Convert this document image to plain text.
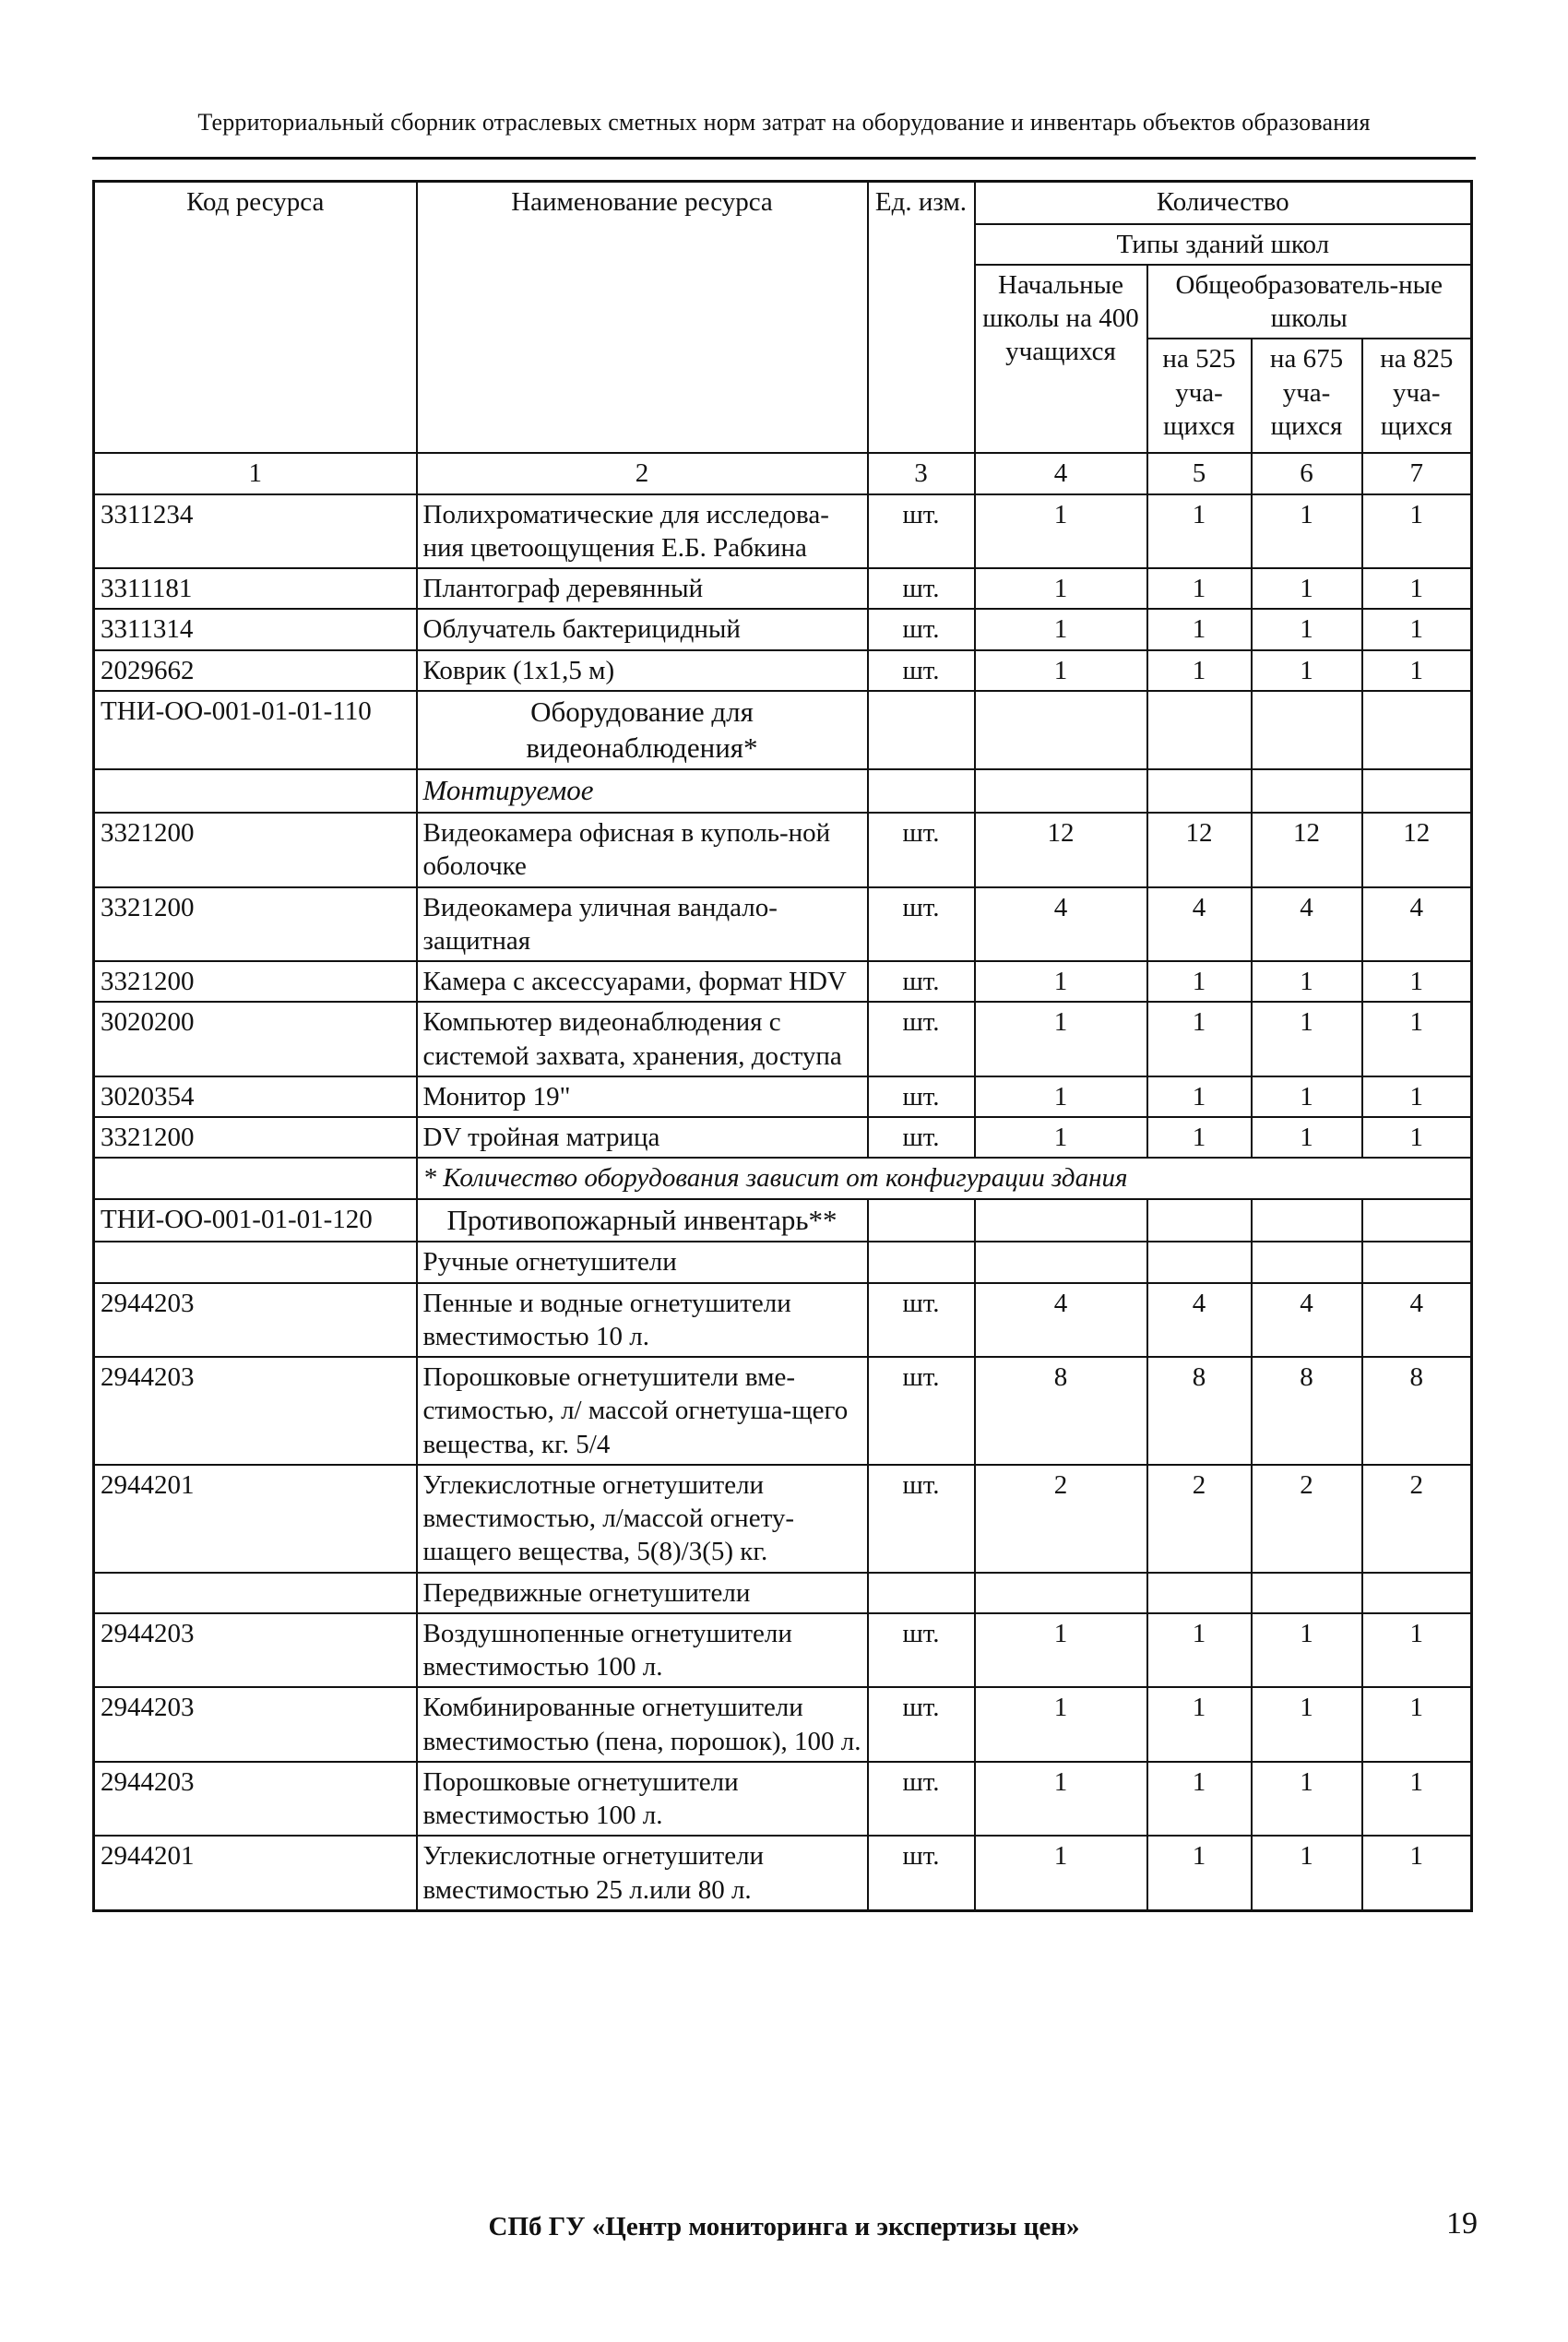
Территориальный сборник отраслевых сметных норм затрат на оборудование и инвентарь объектов образования
Код ресурса	Наименование ресурса	Ед. изм.	Количество			
			Типы зданий школ			
			Начальные школы на 400 учащихся	Общеобразователь-ные школы		
				на 525 уча-щихся	на 675 уча-щихся	на 825 уча-щихся
1	2	3	4	5	6	7
3311234	Полихроматические для исследова-ния цветоощущения Е.Б. Рабкина	шт.	1	1	1	1
3311181	Плантограф деревянный	шт.	1	1	1	1
3311314	Облучатель бактерицидный	шт.	1	1	1	1
2029662	Коврик (1х1,5 м)	шт.	1	1	1	1
ТНИ-ОО-001-01-01-110	Оборудование для видеонаблюдения*					
	Монтируемое					
3321200	Видеокамера офисная в куполь-ной оболочке	шт.	12	12	12	12
3321200	Видеокамера уличная вандало-защитная	шт.	4	4	4	4
3321200	Камера с аксессуарами, формат HDV	шт.	1	1	1	1
3020200	Компьютер видеонаблюдения с системой захвата, хранения, доступа	шт.	1	1	1	1
3020354	Монитор 19"	шт.	1	1	1	1
3321200	DV тройная матрица	шт.	1	1	1	1
	* Количество оборудования зависит от конфигурации здания					
ТНИ-ОО-001-01-01-120	Противопожарный инвентарь**					
	Ручные огнетушители					
2944203	Пенные и водные огнетушители вместимостью 10 л.	шт.	4	4	4	4
2944203	Порошковые огнетушители вме-стимостью, л/ массой огнетуша-щего вещества, кг. 5/4	шт.	8	8	8	8
2944201	Углекислотные огнетушители вместимостью, л/массой огнету-шащего вещества, 5(8)/3(5) кг.	шт.	2	2	2	2
	Передвижные огнетушители					
2944203	Воздушнопенные огнетушители вместимостью 100 л.	шт.	1	1	1	1
2944203	Комбинированные огнетушители вместимостью (пена, порошок), 100 л.	шт.	1	1	1	1
2944203	Порошковые огнетушители вместимостью 100 л.	шт.	1	1	1	1
2944201	Углекислотные огнетушители вместимостью 25 л.или 80 л.	шт.	1	1	1	1
СПб ГУ «Центр мониторинга и экспертизы цен»	19
